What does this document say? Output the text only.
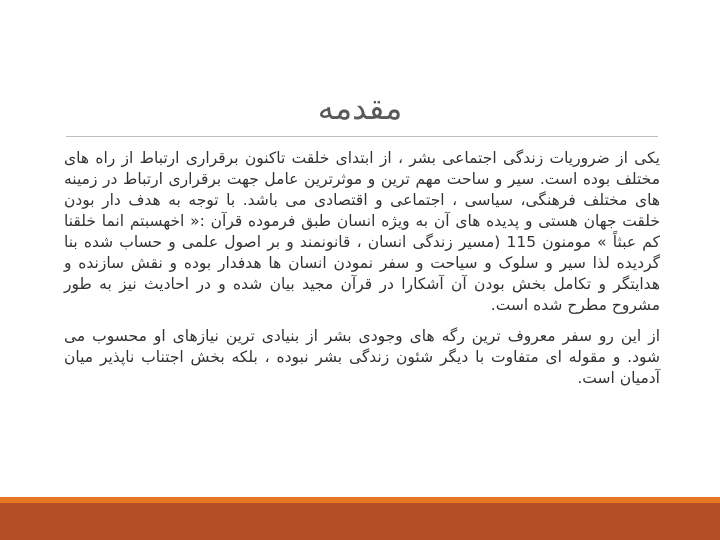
مقدمه

یکی از ضروریات زندگی اجتماعی بشر ، از ابتدای خلقت تاکنون برقراری ارتباط از راه های مختلف بوده است. سیر و ساحت مهم ترین و موثرترین عامل جهت برقراری ارتباط در زمینه های مختلف فرهنگی، سیاسی ، اجتماعی و اقتصادی می باشد. با توجه به هدف دار بودن خلقت جهان هستی و پدیده های آن به ویژه انسان طبق فرموده قرآن :« اخهسبتم انما خلقنا کم عبثاً » مومنون 115 (مسیر زندگی انسان ، قانونمند و بر اصول علمی و حساب شده بنا گردیده لذا سیر و سلوک و سیاحت و سفر نمودن انسان ها هدفدار بوده و نقش سازنده و هدایتگر و تکامل بخش بودن آن آشکارا در قرآن مجید بیان شده و در احادیث نیز به طور مشروح مطرح شده است.

از این رو سفر معروف ترین رگه های وجودی بشر از بنیادی ترین نیازهای او محسوب می شود. و مقوله ای متفاوت با دیگر شئون زندگی بشر نبوده ، بلکه بخش اجتناب ناپذیر میان آدمیان است.
